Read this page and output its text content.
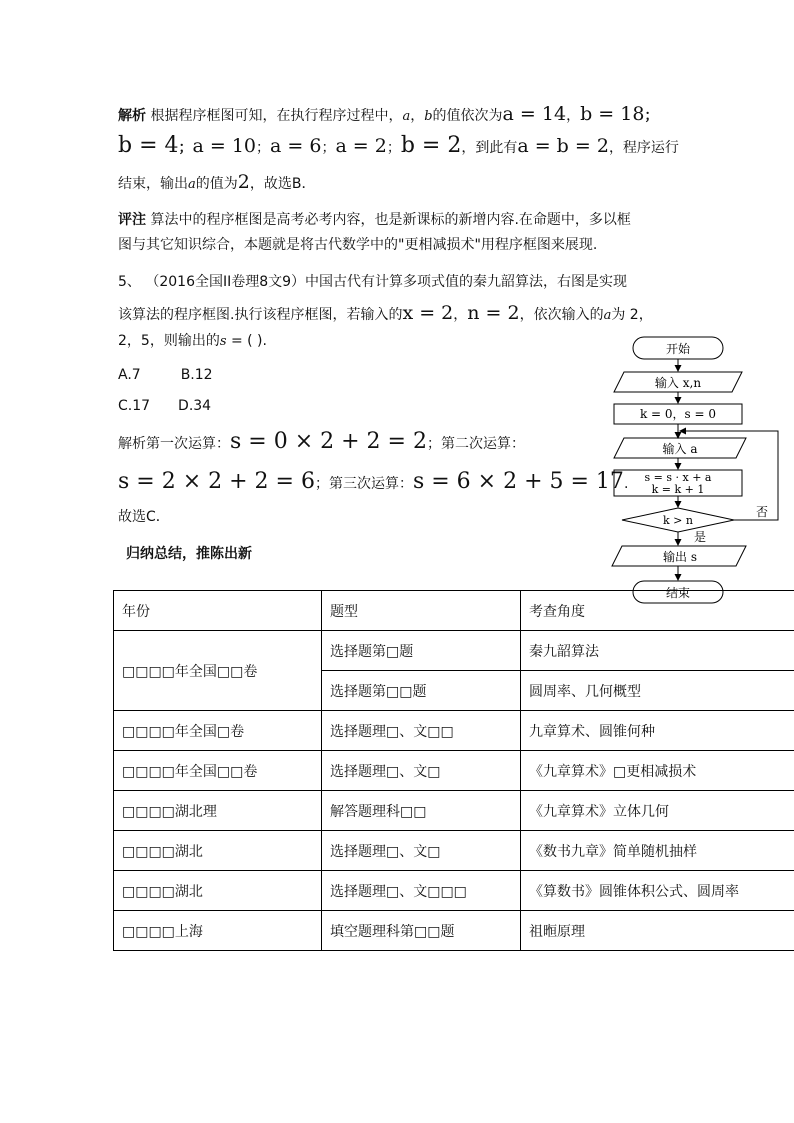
解析 根据程序框图可知，在执行程序过程中，a，b的值依次为a = 14，b = 18；
b = 4；a = 10；a = 6；a = 2；b = 2，到此有a = b = 2，程序运行
结束，输出a的值为2，故选B．
评注 算法中的程序框图是高考必考内容，也是新课标的新增内容.在命题中，多以框
图与其它知识综合，本题就是将古代数学中的"更相减损术"用程序框图来展现.
5、 （2016全国II卷理8文9）中国古代有计算多项式值的秦九韶算法，右图是实现
该算法的程序框图.执行该程序框图，若输入的x = 2，n = 2，依次输入的a为 2，
2，5，则输出的s = ( ).
A.7	B.12
C.17 D.34
解析第一次运算：s = 0 × 2 + 2 = 2；第二次运算：
s = 2 × 2 + 2 = 6；第三次运算：s = 6 × 2 + 5 = 17.
故选C．
归纳总结，推陈出新
开始
输入 x,n
k = 0，s = 0
输入 a
s = s · x + a
k = k + 1
k > n
否
是
输出 s
结束
年份	题型	考查角度
□□□□年全国□□卷	选择题第□题	秦九韶算法
	选择题第□□题	圆周率、几何概型
□□□□年全国□卷	选择题理□、文□□	九章算术、圆锥何种
□□□□年全国□□卷	选择题理□、文□	《九章算术》□更相减损术
□□□□湖北理	解答题理科□□	《九章算术》立体几何
□□□□湖北	选择题理□、文□	《数书九章》简单随机抽样
□□□□湖北	选择题理□、文□□□	《算数书》圆锥体积公式、圆周率
□□□□上海	填空题理科第□□题	祖暅原理
